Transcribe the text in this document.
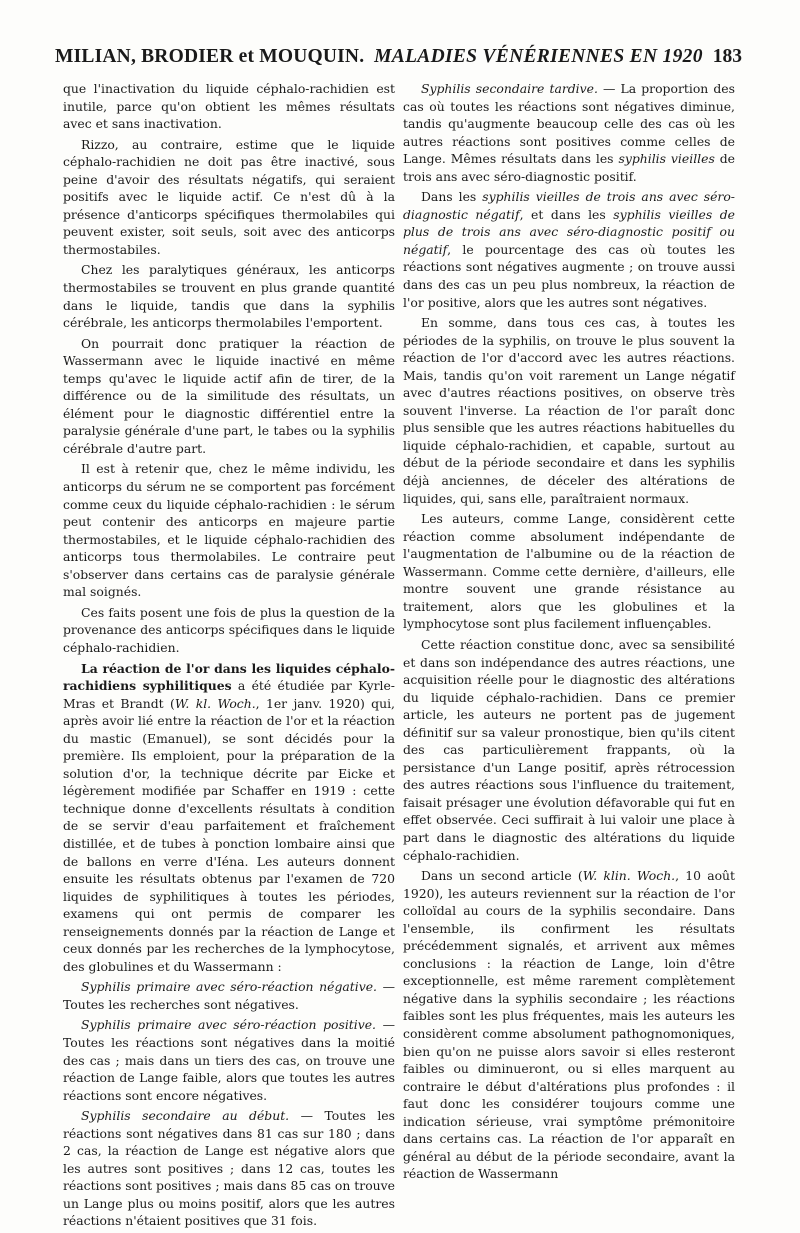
MILIAN, BRODIER et MOUQUIN. MALADIES VÉNÉRIENNES EN 1920 183

que l'inactivation du liquide céphalo-rachidien est inutile, parce qu'on obtient les mêmes résultats avec et sans inactivation.

Rizzo, au contraire, estime que le liquide céphalo-rachidien ne doit pas être inactivé, sous peine d'avoir des résultats négatifs, qui seraient positifs avec le liquide actif. Ce n'est dû à la présence d'anticorps spécifiques thermolabiles qui peuvent exister, soit seuls, soit avec des anticorps thermostabiles.

Chez les paralytiques généraux, les anticorps thermostabiles se trouvent en plus grande quantité dans le liquide, tandis que dans la syphilis cérébrale, les anticorps thermolabiles l'emportent.

On pourrait donc pratiquer la réaction de Wassermann avec le liquide inactivé en même temps qu'avec le liquide actif afin de tirer, de la différence ou de la similitude des résultats, un élément pour le diagnostic différentiel entre la paralysie générale d'une part, le tabes ou la syphilis cérébrale d'autre part.

Il est à retenir que, chez le même individu, les anticorps du sérum ne se comportent pas forcément comme ceux du liquide céphalo-rachidien : le sérum peut contenir des anticorps en majeure partie thermostabiles, et le liquide céphalo-rachidien des anticorps tous thermolabiles. Le contraire peut s'observer dans certains cas de paralysie générale mal soignés.

Ces faits posent une fois de plus la question de la provenance des anticorps spécifiques dans le liquide céphalo-rachidien.

La réaction de l'or dans les liquides céphalo-rachidiens syphilitiques a été étudiée par Kyrle-Mras et Brandt (W. kl. Woch., 1er janv. 1920) qui, après avoir lié entre la réaction de l'or et la réaction du mastic (Emanuel), se sont décidés pour la première. Ils emploient, pour la préparation de la solution d'or, la technique décrite par Eicke et légèrement modifiée par Schaffer en 1919 : cette technique donne d'excellents résultats à condition de se servir d'eau parfaitement et fraîchement distillée, et de tubes à ponction lombaire ainsi que de ballons en verre d'Iéna. Les auteurs donnent ensuite les résultats obtenus par l'examen de 720 liquides de syphilitiques à toutes les périodes, examens qui ont permis de comparer les renseignements donnés par la réaction de Lange et ceux donnés par les recherches de la lymphocytose, des globulines et du Wassermann :

Syphilis primaire avec séro-réaction négative. — Toutes les recherches sont négatives.

Syphilis primaire avec séro-réaction positive. — Toutes les réactions sont négatives dans la moitié des cas ; mais dans un tiers des cas, on trouve une réaction de Lange faible, alors que toutes les autres réactions sont encore négatives.

Syphilis secondaire au début. — Toutes les réactions sont négatives dans 81 cas sur 180 ; dans 2 cas, la réaction de Lange est négative alors que les autres sont positives ; dans 12 cas, toutes les réactions sont positives ; mais dans 85 cas on trouve un Lange plus ou moins positif, alors que les autres réactions n'étaient positives que 31 fois.

Syphilis secondaire tardive. — La proportion des cas où toutes les réactions sont négatives diminue, tandis qu'augmente beaucoup celle des cas où les autres réactions sont positives comme celles de Lange. Mêmes résultats dans les syphilis vieilles de trois ans avec séro-diagnostic positif.

Dans les syphilis vieilles de trois ans avec séro-diagnostic négatif, et dans les syphilis vieilles de plus de trois ans avec séro-diagnostic positif ou négatif, le pourcentage des cas où toutes les réactions sont négatives augmente ; on trouve aussi dans des cas un peu plus nombreux, la réaction de l'or positive, alors que les autres sont négatives.

En somme, dans tous ces cas, à toutes les périodes de la syphilis, on trouve le plus souvent la réaction de l'or d'accord avec les autres réactions. Mais, tandis qu'on voit rarement un Lange négatif avec d'autres réactions positives, on observe très souvent l'inverse. La réaction de l'or paraît donc plus sensible que les autres réactions habituelles du liquide céphalo-rachidien, et capable, surtout au début de la période secondaire et dans les syphilis déjà anciennes, de déceler des altérations de liquides, qui, sans elle, paraîtraient normaux.

Les auteurs, comme Lange, considèrent cette réaction comme absolument indépendante de l'augmentation de l'albumine ou de la réaction de Wassermann. Comme cette dernière, d'ailleurs, elle montre souvent une grande résistance au traitement, alors que les globulines et la lymphocytose sont plus facilement influençables.

Cette réaction constitue donc, avec sa sensibilité et dans son indépendance des autres réactions, une acquisition réelle pour le diagnostic des altérations du liquide céphalo-rachidien. Dans ce premier article, les auteurs ne portent pas de jugement définitif sur sa valeur pronostique, bien qu'ils citent des cas particulièrement frappants, où la persistance d'un Lange positif, après rétrocession des autres réactions sous l'influence du traitement, faisait présager une évolution défavorable qui fut en effet observée. Ceci suffirait à lui valoir une place à part dans le diagnostic des altérations du liquide céphalo-rachidien.

Dans un second article (W. klin. Woch., 10 août 1920), les auteurs reviennent sur la réaction de l'or colloïdal au cours de la syphilis secondaire. Dans l'ensemble, ils confirment les résultats précédemment signalés, et arrivent aux mêmes conclusions : la réaction de Lange, loin d'être exceptionnelle, est même rarement complètement négative dans la syphilis secondaire ; les réactions faibles sont les plus fréquentes, mais les auteurs les considèrent comme absolument pathognomoniques, bien qu'on ne puisse alors savoir si elles resteront faibles ou diminueront, ou si elles marquent au contraire le début d'altérations plus profondes : il faut donc les considérer toujours comme une indication sérieuse, vrai symptôme prémonitoire dans certains cas. La réaction de l'or apparaît en général au début de la période secondaire, avant la réaction de Wassermann
